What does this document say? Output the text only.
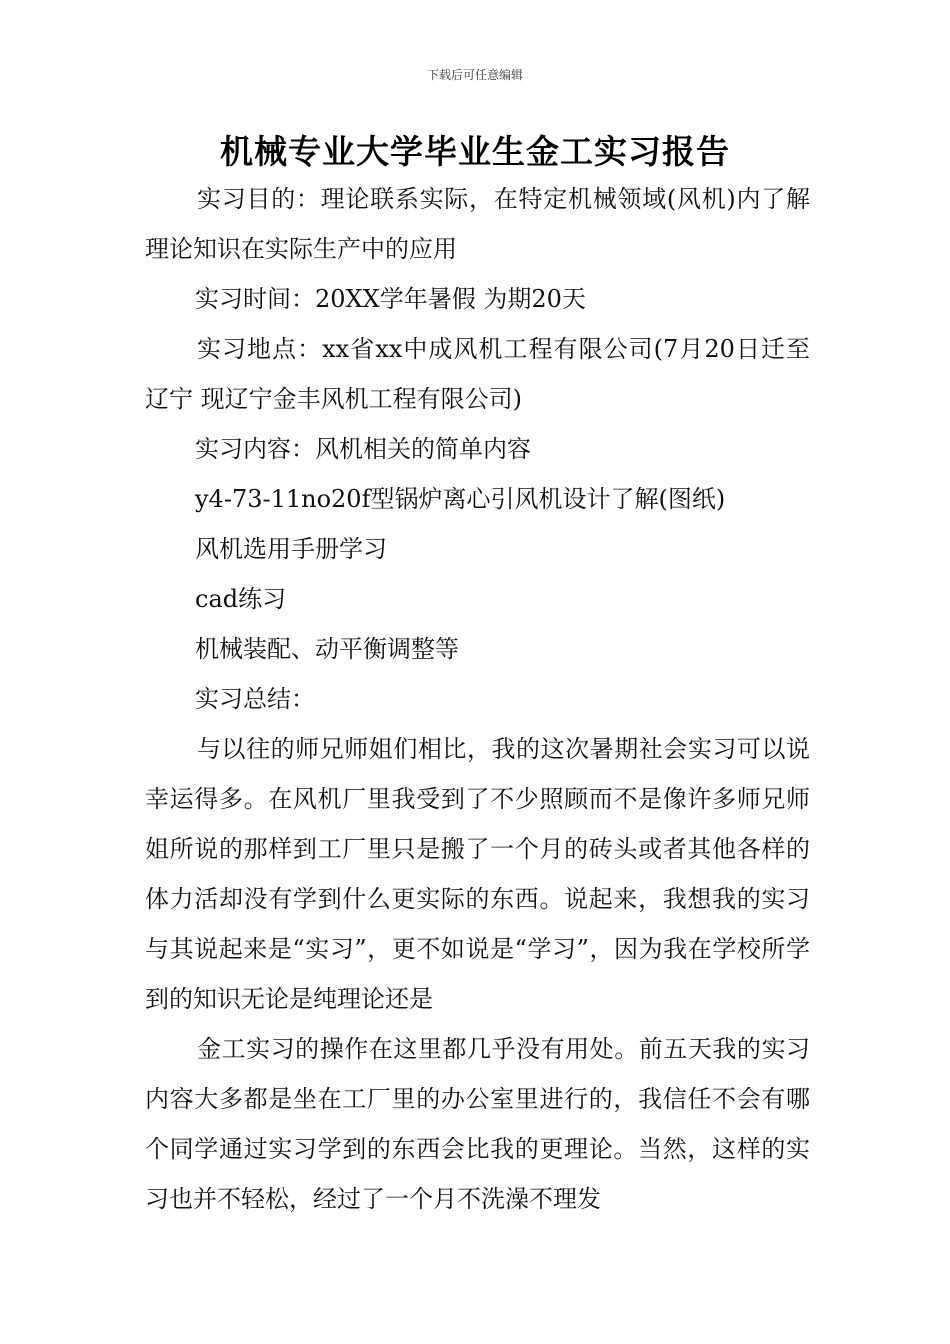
下载后可任意编辑
机械专业大学毕业生金工实习报告

实习目的：理论联系实际，在特定机械领域(风机)内了解理论知识在实际生产中的应用

实习时间：20XX学年暑假 为期20天

实习地点：xx省xx中成风机工程有限公司(7月20日迁至辽宁 现辽宁金丰风机工程有限公司)

实习内容：风机相关的简单内容

y4-73-11no20f型锅炉离心引风机设计了解(图纸)

风机选用手册学习

cad练习

机械装配、动平衡调整等

实习总结：

与以往的师兄师姐们相比，我的这次暑期社会实习可以说幸运得多。在风机厂里我受到了不少照顾而不是像许多师兄师姐所说的那样到工厂里只是搬了一个月的砖头或者其他各样的体力活却没有学到什么更实际的东西。说起来，我想我的实习与其说起来是“实习”，更不如说是“学习”，因为我在学校所学到的知识无论是纯理论还是

金工实习的操作在这里都几乎没有用处。前五天我的实习内容大多都是坐在工厂里的办公室里进行的，我信任不会有哪个同学通过实习学到的东西会比我的更理论。当然，这样的实习也并不轻松，经过了一个月不洗澡不理发
